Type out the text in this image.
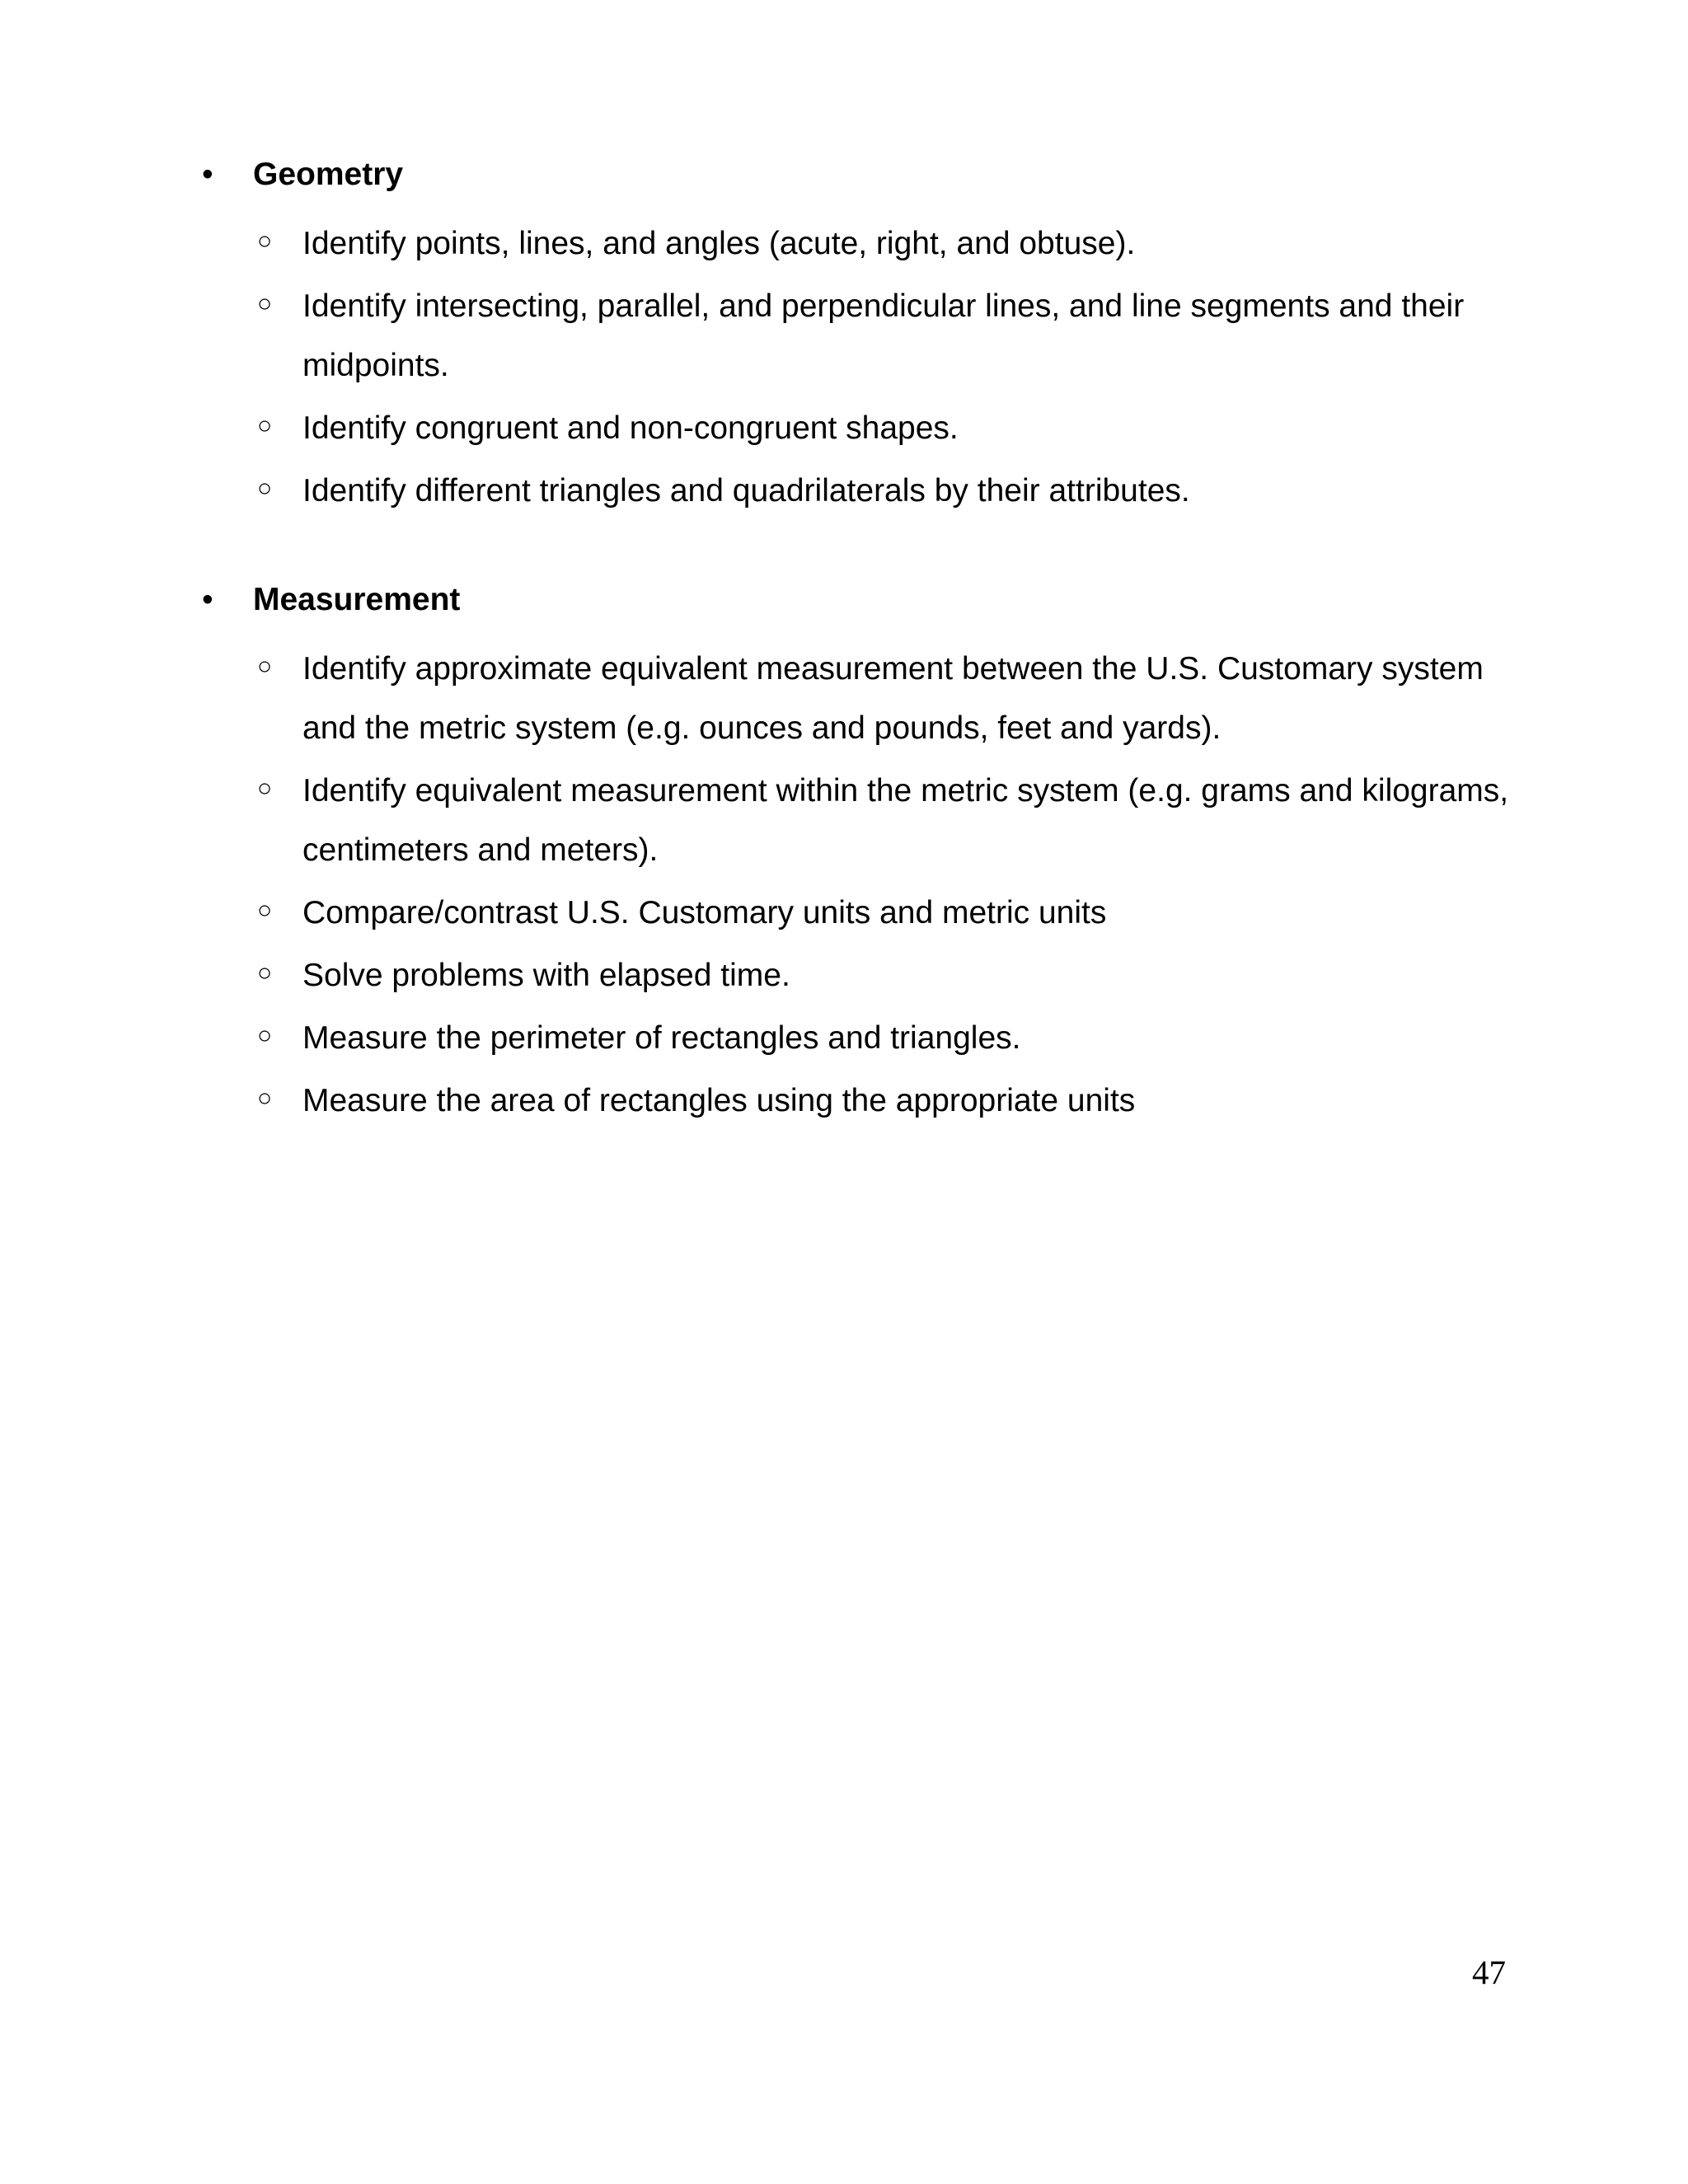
• Geometry
○ Identify points, lines, and angles (acute, right, and obtuse).
○ Identify intersecting, parallel, and perpendicular lines, and line segments and their midpoints.
○ Identify congruent and non-congruent shapes.
○ Identify different triangles and quadrilaterals by their attributes.
• Measurement
○ Identify approximate equivalent measurement between the U.S. Customary system and the metric system (e.g. ounces and pounds, feet and yards).
○ Identify equivalent measurement within the metric system (e.g. grams and kilograms, centimeters and meters).
○ Compare/contrast U.S. Customary units and metric units
○ Solve problems with elapsed time.
○ Measure the perimeter of rectangles and triangles.
○ Measure the area of rectangles using the appropriate units
47
